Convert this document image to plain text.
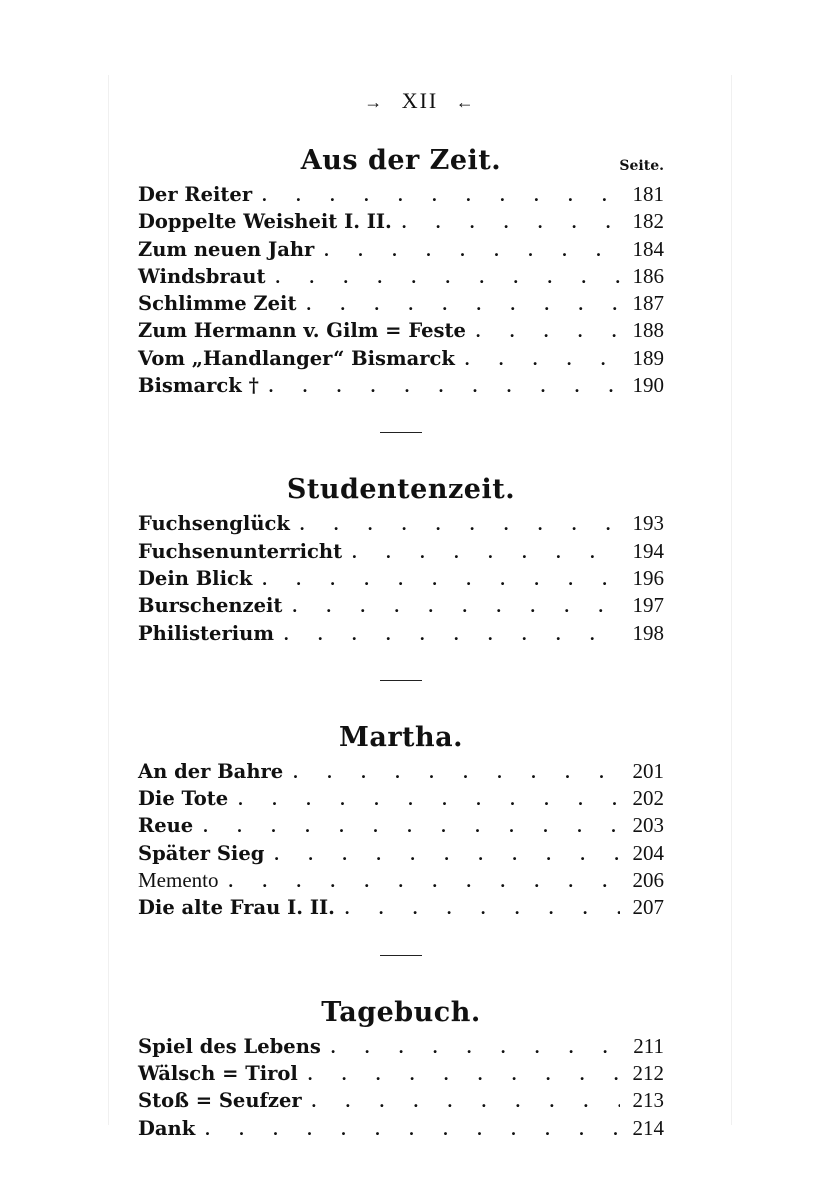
→ XII ←
Aus der Zeit.	Seite.
Der Reiter . . .	181
Doppelte Weisheit I. II. . . .	182
Zum neuen Jahr . . .	184
Windsbraut . . .	186
Schlimme Zeit . . .	187
Zum Hermann v. Gilm = Feste . . .	188
Vom „Handlanger“ Bismarck . . .	189
Bismarck † . . .	190
Studentenzeit.
Fuchsenglück . . .	193
Fuchsenunterricht . . .	194
Dein Blick . . .	196
Burschenzeit . . .	197
Philisterium . . .	198
Martha.
An der Bahre . . .	201
Die Tote . . .	202
Reue . . .	203
Später Sieg . . .	204
Memento . . .	206
Die alte Frau I. II. . . .	207
Tagebuch.
Spiel des Lebens . . .	211
Wälsch = Tirol . . .	212
Stoß = Seufzer . . .	213
Dank . . .	214
